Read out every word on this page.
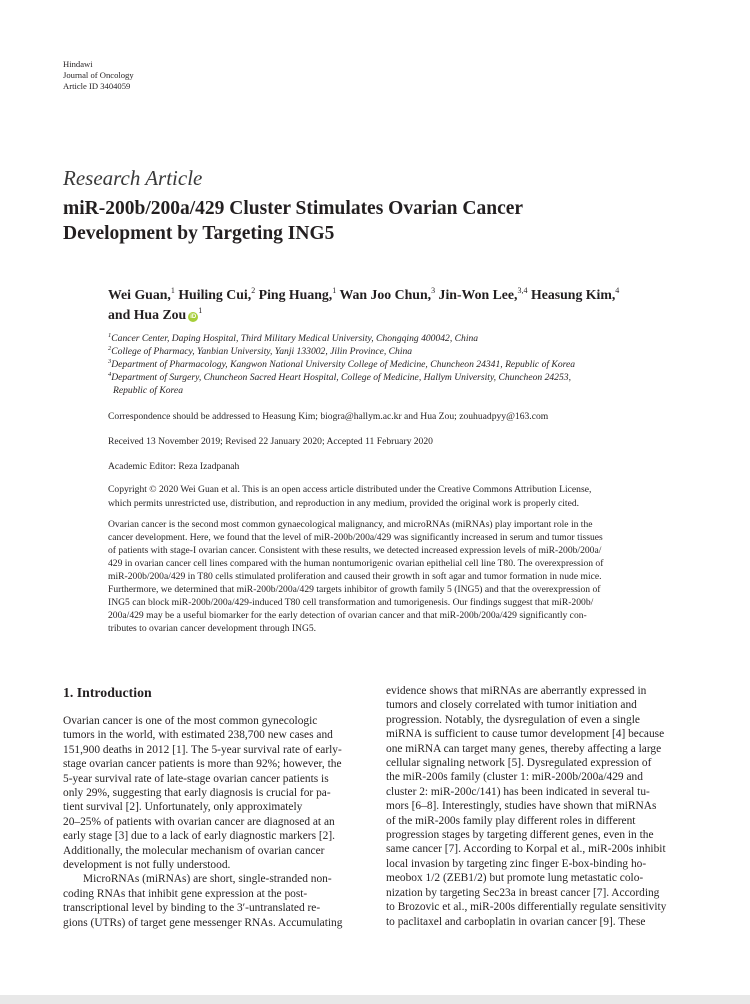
Hindawi
Journal of Oncology
Article ID 3404059
Research Article
miR-200b/200a/429 Cluster Stimulates Ovarian Cancer
Development by Targeting ING5
Wei Guan,$^1$ Huiling Cui,$^2$ Ping Huang,$^1$ Wan Joo Chun,$^3$ Jin-Won Lee,$^{3,4}$ Heasung Kim,$^4$
and Hua Zou $iD^1$
$^1$Cancer Center, Daping Hospital, Third Military Medical University, Chongqing 400042, China
$^2$College of Pharmacy, Yanbian University, Yanji 133002, Jilin Province, China
$^3$Department of Pharmacology, Kangwon National University College of Medicine, Chuncheon 24341, Republic of Korea
$^4$Department of Surgery, Chuncheon Sacred Heart Hospital, College of Medicine, Hallym University, Chuncheon 24253,
Republic of Korea
Correspondence should be addressed to Heasung Kim; biogra@hallym.ac.kr and Hua Zou; zouhuadpyy@163.com
Received 13 November 2019; Revised 22 January 2020; Accepted 11 February 2020
Academic Editor: Reza Izadpanah
Copyright © 2020 Wei Guan et al. This is an open access article distributed under the Creative Commons Attribution License,
which permits unrestricted use, distribution, and reproduction in any medium, provided the original work is properly cited.
Ovarian cancer is the second most common gynaecological malignancy, and microRNAs (miRNAs) play important role in the
cancer development. Here, we found that the level of miR-200b/200a/429 was significantly increased in serum and tumor tissues
of patients with stage-I ovarian cancer. Consistent with these results, we detected increased expression levels of miR-200b/200a/
429 in ovarian cancer cell lines compared with the human nontumorigenic ovarian epithelial cell line T80. The overexpression of
miR-200b/200a/429 in T80 cells stimulated proliferation and caused their growth in soft agar and tumor formation in nude mice.
Furthermore, we determined that miR-200b/200a/429 targets inhibitor of growth family 5 (ING5) and that the overexpression of
ING5 can block miR-200b/200a/429-induced T80 cell transformation and tumorigenesis. Our findings suggest that miR-200b/
200a/429 may be a useful biomarker for the early detection of ovarian cancer and that miR-200b/200a/429 significantly con-
tributes to ovarian cancer development through ING5.
1. Introduction
Ovarian cancer is one of the most common gynecologic
tumors in the world, with estimated 238,700 new cases and
151,900 deaths in 2012 [1]. The 5-year survival rate of early-
stage ovarian cancer patients is more than 92%; however, the
5-year survival rate of late-stage ovarian cancer patients is
only 29%, suggesting that early diagnosis is crucial for pa-
tient survival [2]. Unfortunately, only approximately
20–25% of patients with ovarian cancer are diagnosed at an
early stage [3] due to a lack of early diagnostic markers [2].
Additionally, the molecular mechanism of ovarian cancer
development is not fully understood.
MicroRNAs (miRNAs) are short, single-stranded non-
coding RNAs that inhibit gene expression at the post-
transcriptional level by binding to the 3′-untranslated re-
gions (UTRs) of target gene messenger RNAs. Accumulating
evidence shows that miRNAs are aberrantly expressed in
tumors and closely correlated with tumor initiation and
progression. Notably, the dysregulation of even a single
miRNA is sufficient to cause tumor development [4] because
one miRNA can target many genes, thereby affecting a large
cellular signaling network [5]. Dysregulated expression of
the miR-200s family (cluster 1: miR-200b/200a/429 and
cluster 2: miR-200c/141) has been indicated in several tu-
mors [6–8]. Interestingly, studies have shown that miRNAs
of the miR-200s family play different roles in different
progression stages by targeting different genes, even in the
same cancer [7]. According to Korpal et al., miR-200s inhibit
local invasion by targeting zinc finger E-box-binding ho-
meobox 1/2 (ZEB1/2) but promote lung metastatic colo-
nization by targeting Sec23a in breast cancer [7]. According
to Brozovic et al., miR-200s differentially regulate sensitivity
to paclitaxel and carboplatin in ovarian cancer [9]. These
